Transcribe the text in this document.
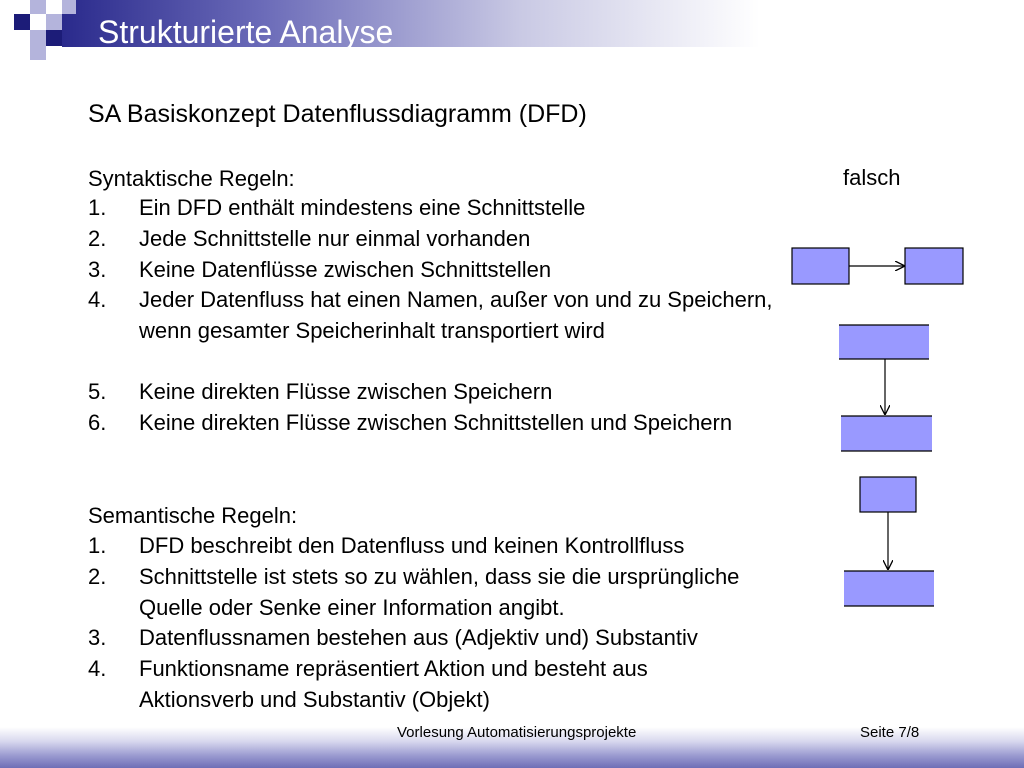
Strukturierte Analyse
SA Basiskonzept Datenflussdiagramm (DFD)
Syntaktische Regeln:
1. Ein DFD enthält mindestens eine Schnittstelle
2. Jede Schnittstelle nur einmal vorhanden
3. Keine Datenflüsse zwischen Schnittstellen
4. Jeder Datenfluss hat einen Namen, außer von und zu Speichern, wenn gesamter Speicherinhalt transportiert wird
5. Keine direkten Flüsse zwischen Speichern
6. Keine direkten Flüsse zwischen Schnittstellen und Speichern
Semantische Regeln:
1. DFD beschreibt den Datenfluss und keinen Kontrollfluss
2. Schnittstelle ist stets so zu wählen, dass sie die ursprüngliche Quelle oder Senke einer Information angibt.
3. Datenflussnamen bestehen aus (Adjektiv und) Substantiv
4. Funktionsname repräsentiert Aktion und besteht aus Aktionsverb und Substantiv (Objekt)
falsch
Vorlesung Automatisierungsprojekte	Seite 7/8
